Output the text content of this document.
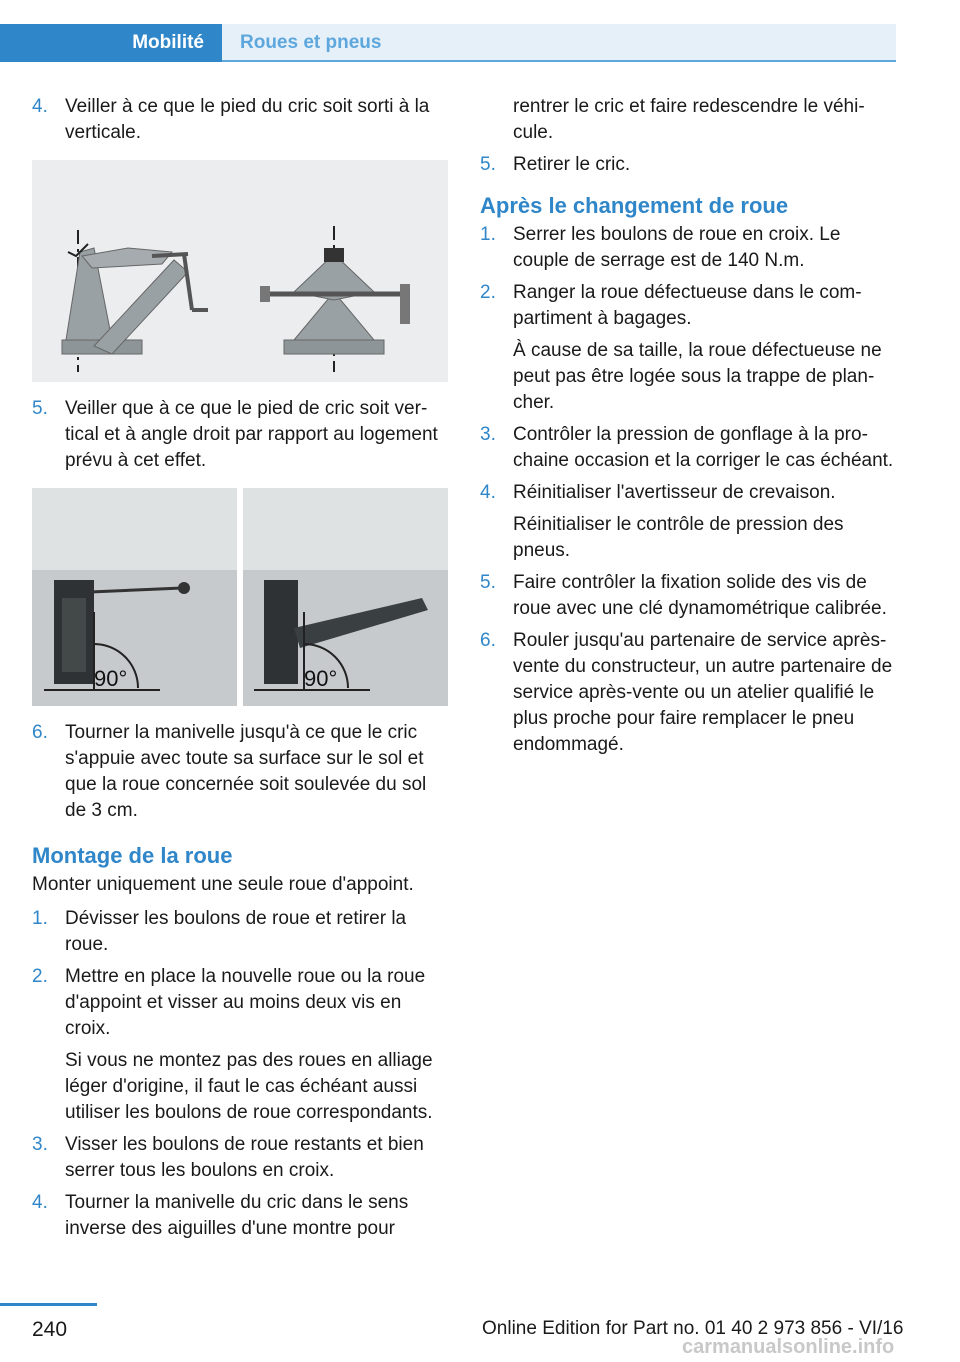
Mobilité	Roues et pneus
4. Veiller à ce que le pied du cric soit sorti à la verticale.

5. Veiller que à ce que le pied de cric soit vertical et à angle droit par rapport au logement prévu à cet effet.

90°	90°
6. Tourner la manivelle jusqu'à ce que le cric s'appuie avec toute sa surface sur le sol et que la roue concernée soit soulevée du sol de 3 cm.

Montage de la roue

Monter uniquement une seule roue d'appoint.

1. Dévisser les boulons de roue et retirer la roue.

2. Mettre en place la nouvelle roue ou la roue d'appoint et visser au moins deux vis en croix.

Si vous ne montez pas des roues en alliage léger d'origine, il faut le cas échéant aussi utiliser les boulons de roue correspondants.

3. Visser les boulons de roue restants et bien serrer tous les boulons en croix.

4. Tourner la manivelle du cric dans le sens inverse des aiguilles d'une montre pour

rentrer le cric et faire redescendre le véhicule.
5. Retirer le cric.

Après le changement de roue
1. Serrer les boulons de roue en croix. Le couple de serrage est de 140 N.m.

2. Ranger la roue défectueuse dans le compartiment à bagages.

À cause de sa taille, la roue défectueuse ne peut pas être logée sous la trappe de plancher.

3. Contrôler la pression de gonflage à la prochaine occasion et la corriger le cas échéant.

4. Réinitialiser l'avertisseur de crevaison.

Réinitialiser le contrôle de pression des pneus.

5. Faire contrôler la fixation solide des vis de roue avec une clé dynamométrique calibrée.

6. Rouler jusqu'au partenaire de service après-vente du constructeur, un autre partenaire de service après-vente ou un atelier qualifié le plus proche pour faire remplacer le pneu endommagé.

240	Online Edition for Part no. 01 40 2 973 856 - VI/16
carmanualsonline.info
